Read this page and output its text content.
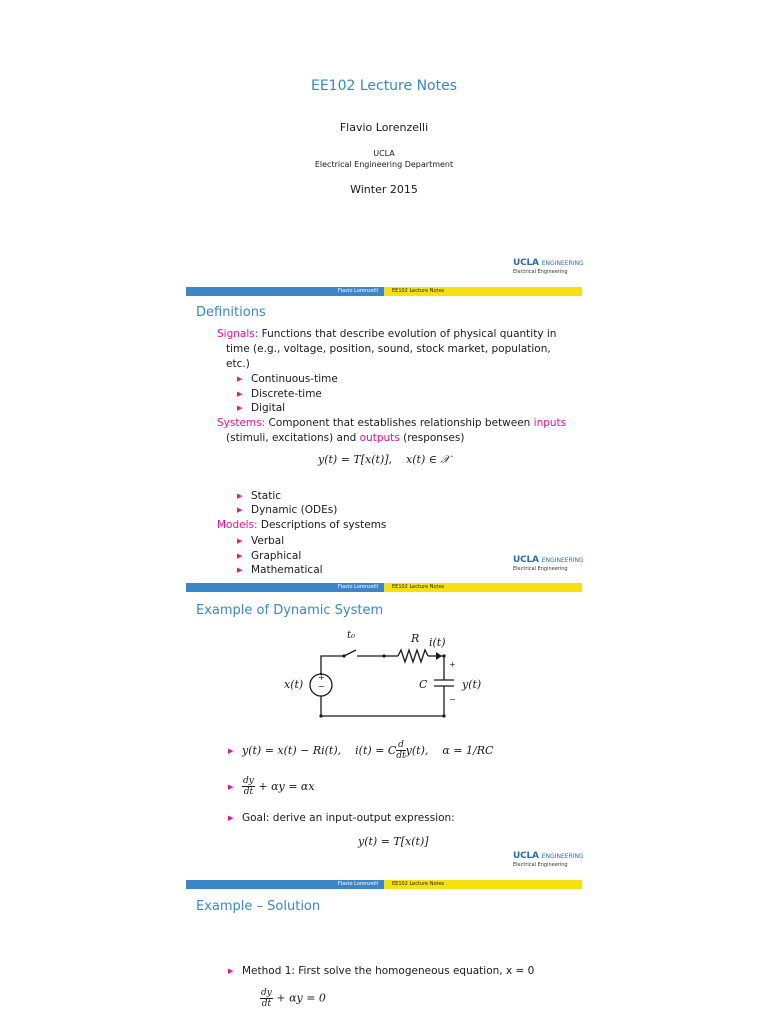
EE102 Lecture Notes
Flavio Lorenzelli
UCLA
Electrical Engineering Department
Winter 2015
UCLA ENGINEERING
Electrical Engineering
Flavio Lorenzelli	EE102 Lecture Notes
Definitions
Signals: Functions that describe evolution of physical quantity in
time (e.g., voltage, position, sound, stock market, population,
etc.)
▶ Continuous-time
▶ Discrete-time
▶ Digital
Systems: Component that establishes relationship between inputs
(stimuli, excitations) and outputs (responses)
y(t) = T[x(t)],    x(t) ∈ 𝒳
▶ Static
▶ Dynamic (ODEs)
Models: Descriptions of systems
▶ Verbal
▶ Graphical
▶ Mathematical
UCLA ENGINEERING
Electrical Engineering
Flavio Lorenzelli	EE102 Lecture Notes
Example of Dynamic System
t₀	R i(t)
x(t)
+
−	C
+
y(t)
−
▶ y(t) = x(t) − Ri(t),    i(t) = C $\frac{d}{dt} y(t)$,    α = 1/RC
▶ $\frac{dy}{dt} + \alpha y = \alpha x$
▶ Goal: derive an input-output expression:
y(t) = T[x(t)]
UCLA ENGINEERING
Electrical Engineering
Flavio Lorenzelli	EE102 Lecture Notes
Example – Solution
▶ Method 1: First solve the homogeneous equation, x = 0
$\frac{dy}{dt} + \alpha y = 0$
